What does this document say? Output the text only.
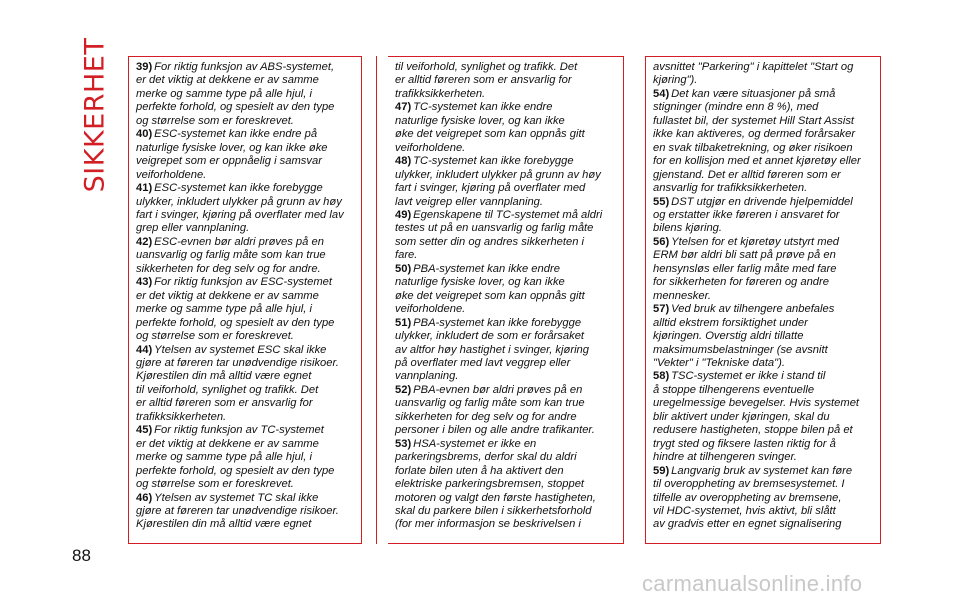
SIKKERHET 39) For riktig funksjon av ABS-systemet,
er det viktig at dekkene er av samme
merke og samme type på alle hjul, i
perfekte forhold, og spesielt av den type
og størrelse som er foreskrevet.

40) ESC-systemet kan ikke endre på
naturlige fysiske lover, og kan ikke øke
veigrepet som er oppnåelig i samsvar
veiforholdene.

41) ESC-systemet kan ikke forebygge
ulykker, inkludert ulykker på grunn av høy
fart i svinger, kjøring på overflater med lav
grep eller vannplaning.

42) ESC-evnen bør aldri prøves på en
uansvarlig og farlig måte som kan true
sikkerheten for deg selv og for andre.

43) For riktig funksjon av ESC-systemet
er det viktig at dekkene er av samme
merke og samme type på alle hjul, i
perfekte forhold, og spesielt av den type
og størrelse som er foreskrevet.

44) Ytelsen av systemet ESC skal ikke
gjøre at føreren tar unødvendige risikoer.
Kjørestilen din må alltid være egnet
til veiforhold, synlighet og trafikk. Det
er alltid føreren som er ansvarlig for
trafikksikkerheten.

45) For riktig funksjon av TC-systemet
er det viktig at dekkene er av samme
merke og samme type på alle hjul, i
perfekte forhold, og spesielt av den type
og størrelse som er foreskrevet.

46) Ytelsen av systemet TC skal ikke
gjøre at føreren tar unødvendige risikoer.
Kjørestilen din må alltid være egnet

til veiforhold, synlighet og trafikk. Det
er alltid føreren som er ansvarlig for
trafikksikkerheten.

47) TC-systemet kan ikke endre
naturlige fysiske lover, og kan ikke
øke det veigrepet som kan oppnås gitt
veiforholdene.

48) TC-systemet kan ikke forebygge
ulykker, inkludert ulykker på grunn av høy
fart i svinger, kjøring på overflater med
lavt veigrep eller vannplaning.

49) Egenskapene til TC-systemet må aldri
testes ut på en uansvarlig og farlig måte
som setter din og andres sikkerheten i
fare.

50) PBA-systemet kan ikke endre
naturlige fysiske lover, og kan ikke
øke det veigrepet som kan oppnås gitt
veiforholdene.

51) PBA-systemet kan ikke forebygge
ulykker, inkludert de som er forårsaket
av altfor høy hastighet i svinger, kjøring
på overflater med lavt veggrep eller
vannplaning.

52) PBA-evnen bør aldri prøves på en
uansvarlig og farlig måte som kan true
sikkerheten for deg selv og for andre
personer i bilen og alle andre trafikanter.

53) HSA-systemet er ikke en
parkeringsbrems, derfor skal du aldri
forlate bilen uten å ha aktivert den
elektriske parkeringsbremsen, stoppet
motoren og valgt den første hastigheten,
skal du parkere bilen i sikkerhetsforhold
(for mer informasjon se beskrivelsen i

avsnittet "Parkering" i kapittelet "Start og
kjøring").

54) Det kan være situasjoner på små
stigninger (mindre enn 8 %), med
fullastet bil, der systemet Hill Start Assist
ikke kan aktiveres, og dermed forårsaker
en svak tilbaketrekning, og øker risikoen
for en kollisjon med et annet kjøretøy eller
gjenstand. Det er alltid føreren som er
ansvarlig for trafikksikkerheten.

55) DST utgjør en drivende hjelpemiddel
og erstatter ikke føreren i ansvaret for
bilens kjøring.

56) Ytelsen for et kjøretøy utstyrt med
ERM bør aldri bli satt på prøve på en
hensynsløs eller farlig måte med fare
for sikkerheten for føreren og andre
mennesker.

57) Ved bruk av tilhengere anbefales
alltid ekstrem forsiktighet under
kjøringen. Overstig aldri tillatte
maksimumsbelastninger (se avsnitt
"Vekter" i "Tekniske data").

58) TSC-systemet er ikke i stand til
å stoppe tilhengerens eventuelle
uregelmessige bevegelser. Hvis systemet
blir aktivert under kjøringen, skal du
redusere hastigheten, stoppe bilen på et
trygt sted og fiksere lasten riktig for å
hindre at tilhengeren svinger.

59) Langvarig bruk av systemet kan føre
til overoppheting av bremsesystemet. I
tilfelle av overoppheting av bremsene,
vil HDC-systemet, hvis aktivt, bli slått
av gradvis etter en egnet signalisering

88
carmanualsonline.info
